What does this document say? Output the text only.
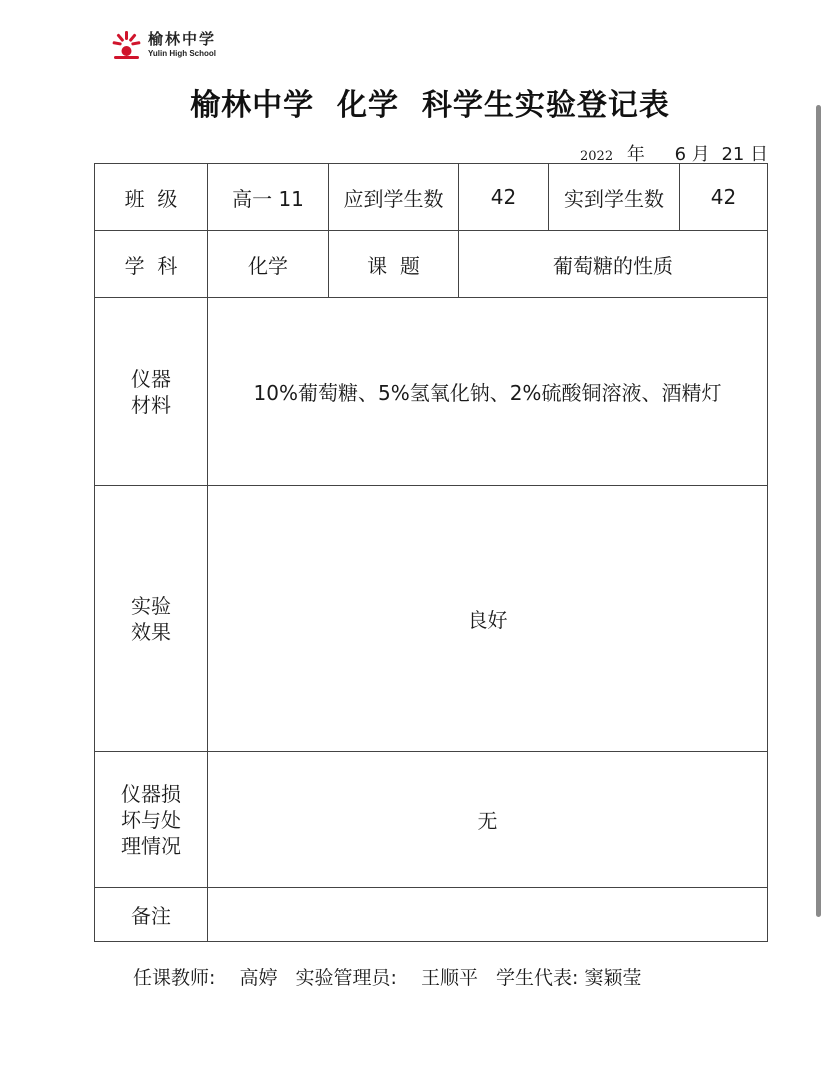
榆林中学
Yulin High School
榆林中学  化学  科学生实验登记表
2022 年 6 月 21 日
班  级	高一 11	应到学生数	42	实到学生数	42
学  科	化学	课  题	葡萄糖的性质		

仪器
材料	10%葡萄糖、5%氢氧化钠、2%硫酸铜溶液、酒精灯				

实验
效果	良好				

仪器损
坏与处
理情况	无				
备注					
任课教师: 高婷 实验管理员: 王顺平 学生代表: 窦颖莹
